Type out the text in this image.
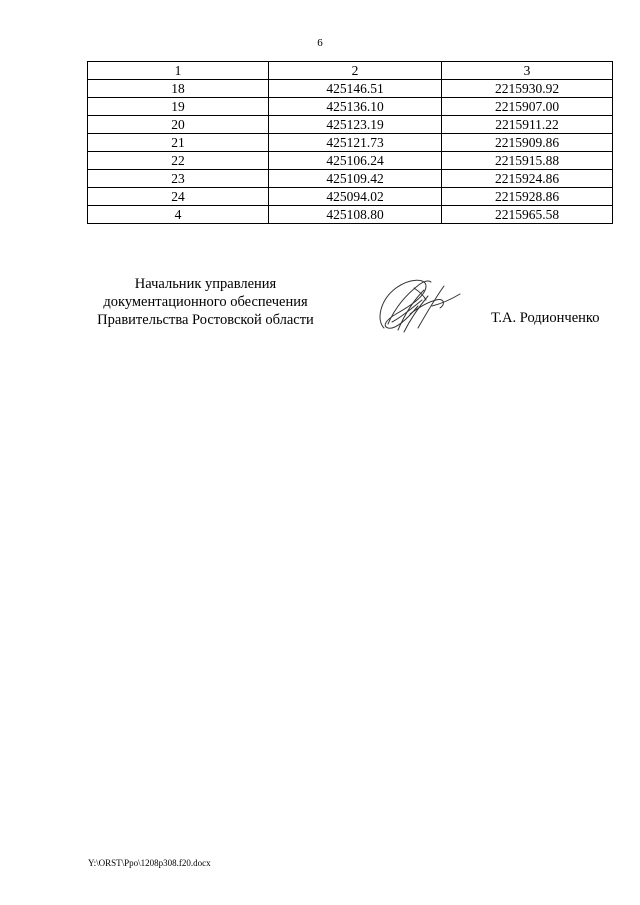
6
1	2	3
18	425146.51	2215930.92
19	425136.10	2215907.00
20	425123.19	2215911.22
21	425121.73	2215909.86
22	425106.24	2215915.88
23	425109.42	2215924.86
24	425094.02	2215928.86
4	425108.80	2215965.58
Начальник управления
документационного обеспечения
Правительства Ростовской области	Т.А. Родионченко
Y:\ORST\Ppo\1208p308.f20.docx
